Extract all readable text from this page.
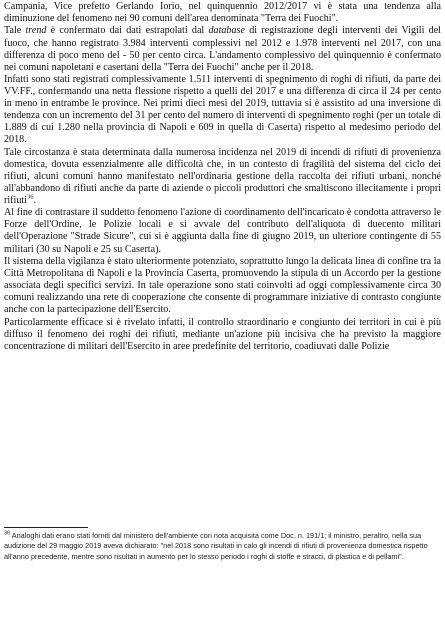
Campania, Vice prefetto Gerlando Iorio, nel quinquennio 2012/2017 vi è stata una tendenza alla diminuzione del fenomeno nei 90 comuni dell'area denominata "Terra dei Fuochi".

Tale trend è confermato dai dati estrapolati dal database di registrazione degli interventi dei Vigili del fuoco, che hanno registrato 3.984 interventi complessivi nel 2012 e 1.978 interventi nel 2017, con una differenza di poco meno del - 50 per cento circa. L'andamento complessivo del quinquennio è confermato nei comuni napoletani e casertani della "Terra dei Fuochi" anche per il 2018.

Infatti sono stati registrati complessivamente 1.511 interventi di spegnimento di roghi di rifiuti, da parte dei VV.FF., confermando una netta flessione rispetto a quelli del 2017 e una differenza di circa il 24 per cento in meno in entrambe le province. Nei primi dieci mesi del 2019, tuttavia si è assistito ad una inversione di tendenza con un incremento del 31 per cento del numero di interventi di spegnimento roghi (per un totale di 1.889 di cui 1.280 nella provincia di Napoli e 609 in quella di Caserta) rispetto al medesimo periodo del 2018.

Tale circostanza è stata determinata dalla numerosa incidenza nel 2019 di incendi di rifiuti di provenienza domestica, dovuta essenzialmente alle difficoltà che, in un contesto di fragilità del sistema del ciclo dei rifiuti, alcuni comuni hanno manifestato nell'ordinaria gestione della raccolta dei rifiuti urbani, nonché all'abbandono di rifiuti anche da parte di aziende o piccoli produttori che smaltiscono illecitamente i propri rifiuti$^{36}$.

Al fine di contrastare il suddetto fenomeno l'azione di coordinamento dell'incaricato è condotta attraverso le Forze dell'Ordine, le Polizie locali e si avvale del contributo dell'aliquota di duecento militari dell'Operazione "Strade Sicure", cui si è aggiunta dalla fine di giugno 2019, un ulteriore contingente di 55 militari (30 su Napoli e 25 su Caserta).

Il sistema della vigilanza è stato ulteriormente potenziato, soprattutto lungo la delicata linea di confine tra la Città Metropolitana di Napoli e la Provincia Caserta, promuovendo la stipula di un Accordo per la gestione associata degli specifici servizi. In tale operazione sono stati coinvolti ad oggi complessivamente circa 30 comuni realizzando una rete di cooperazione che consente di programmare iniziative di contrasto congiunte anche con la partecipazione dell'Esercito.

Particolarmente efficace si è rivelato infatti, il controllo straordinario e congiunto dei territori in cui è più diffuso il fenomeno dei roghi dei rifiuti, mediante un'azione più incisiva che ha previsto la maggiore concentrazione di militari dell'Esercito in aree predefinite del territorio, coadiuvati dalle Polizie

$^{36}$ Analoghi dati erano stati forniti dal ministero dell'ambiente con nota acquisita come Doc. n. 191/1; il ministro, peraltro, nella sua audizione del 29 maggio 2019 aveva dichiarato: "nel 2018 sono risultati in calo gli incendi di rifiuti di provenienza domestica rispetto all'anno precedente, mentre sono risultati in aumento per lo stesso periodo i roghi di stoffe e stracci, di plastica e di pellami".
